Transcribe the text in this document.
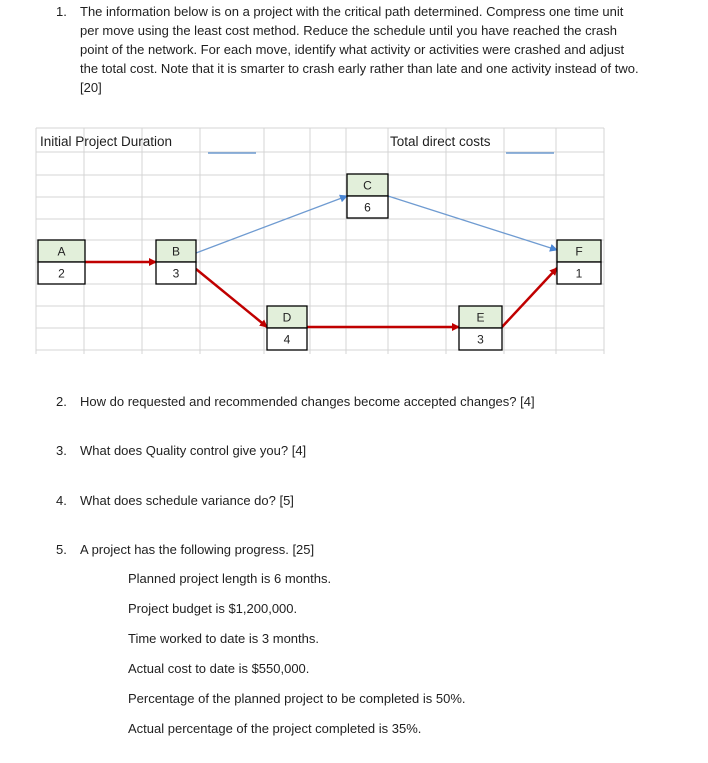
1. The information below is on a project with the critical path determined. Compress one time unit per move using the least cost method. Reduce the schedule until you have reached the crash point of the network. For each move, identify what activity or activities were crashed and adjust the total cost. Note that it is smarter to crash early rather than late and one activity instead of two. [20]
A
2
B
3
C
6
D
4
E
3
F
1
Initial Project Duration	Total direct costs
2. How do requested and recommended changes become accepted changes? [4]
3. What does Quality control give you? [4]
4. What does schedule variance do? [5]
5. A project has the following progress. [25]
Planned project length is 6 months.
Project budget is $1,200,000.
Time worked to date is 3 months.
Actual cost to date is $550,000.
Percentage of the planned project to be completed is 50%.
Actual percentage of the project completed is 35%.
